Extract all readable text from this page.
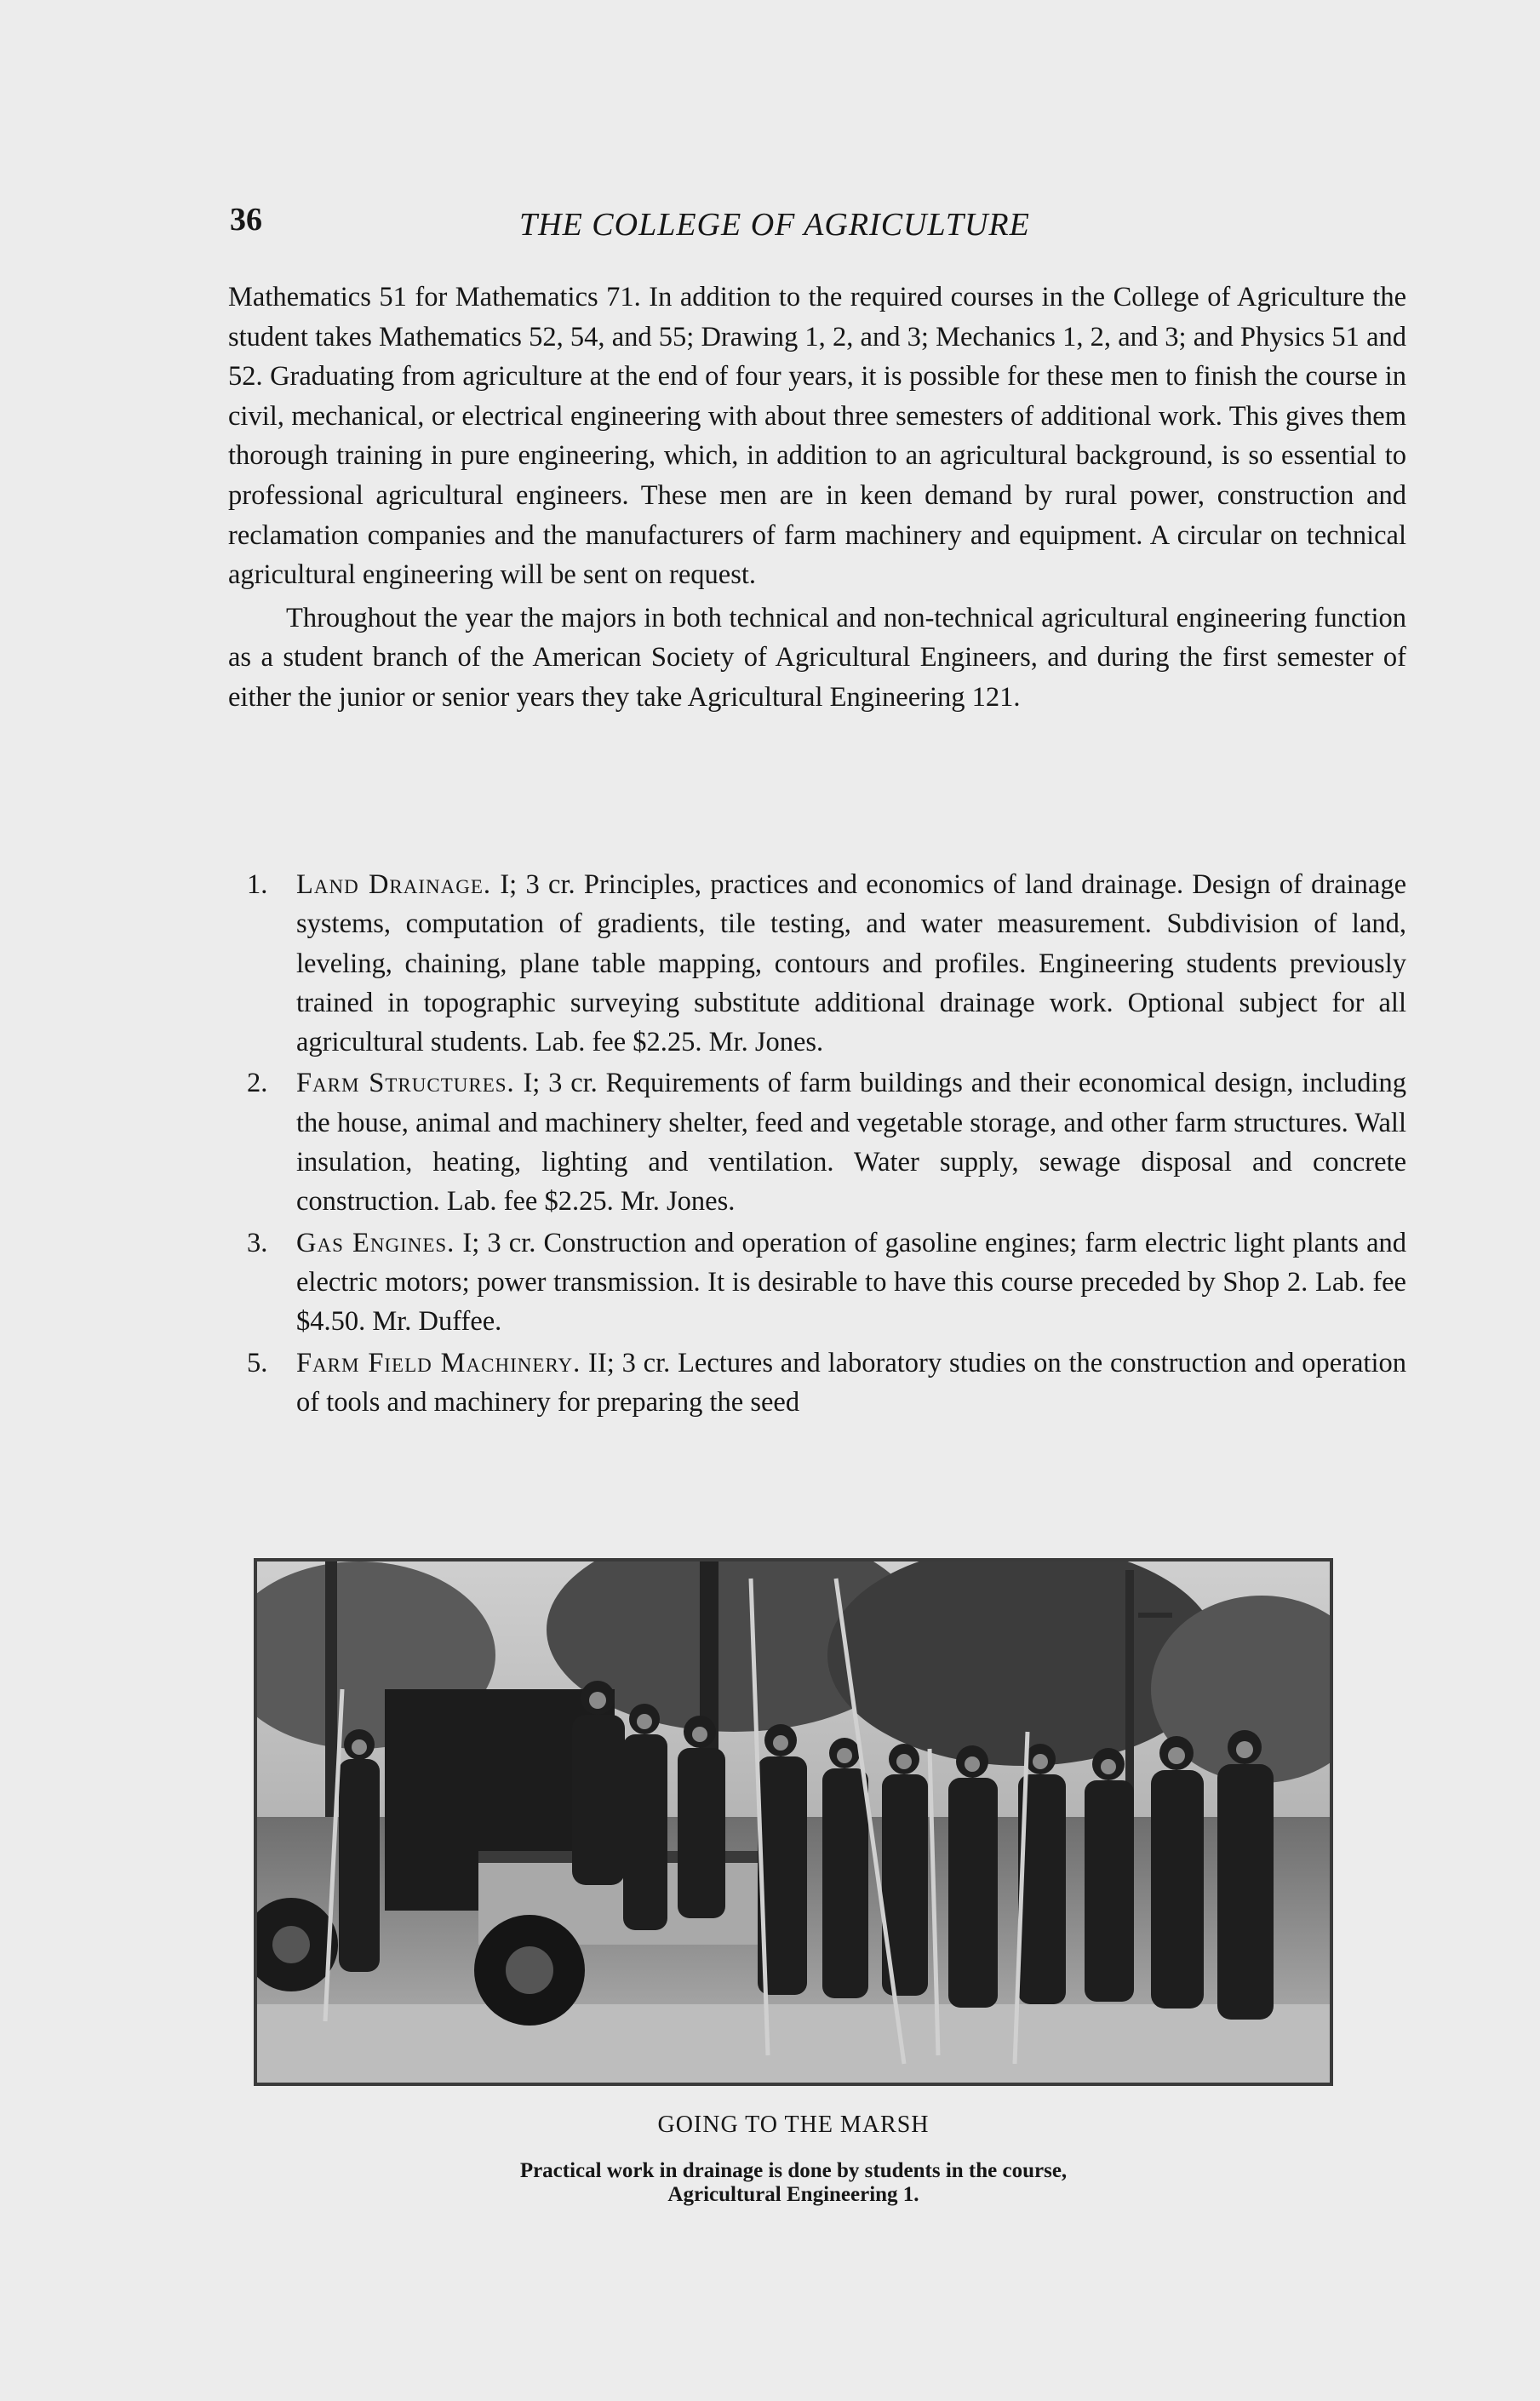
36	THE COLLEGE OF AGRICULTURE

Mathematics 51 for Mathematics 71. In addition to the required courses in the College of Agriculture the student takes Mathematics 52, 54, and 55; Drawing 1, 2, and 3; Mechanics 1, 2, and 3; and Physics 51 and 52. Graduating from agriculture at the end of four years, it is possible for these men to finish the course in civil, mechanical, or electrical engineering with about three semesters of additional work. This gives them thorough training in pure engineering, which, in addition to an agricultural background, is so essential to professional agricultural engineers. These men are in keen demand by rural power, construction and reclamation companies and the manufacturers of farm machinery and equipment. A circular on technical agricultural engineering will be sent on request.

Throughout the year the majors in both technical and non-technical agricultural engineering function as a student branch of the American Society of Agricultural Engineers, and during the first semester of either the junior or senior years they take Agricultural Engineering 121.

1. Land Drainage. I; 3 cr. Principles, practices and economics of land drainage. Design of drainage systems, computation of gradients, tile testing, and water measurement. Subdivision of land, leveling, chaining, plane table mapping, contours and profiles. Engineering students previously trained in topographic surveying substitute additional drainage work. Optional subject for all agricultural students. Lab. fee $2.25. Mr. Jones.
2. Farm Structures. I; 3 cr. Requirements of farm buildings and their economical design, including the house, animal and machinery shelter, feed and vegetable storage, and other farm structures. Wall insulation, heating, lighting and ventilation. Water supply, sewage disposal and concrete construction. Lab. fee $2.25. Mr. Jones.
3. Gas Engines. I; 3 cr. Construction and operation of gasoline engines; farm electric light plants and electric motors; power transmission. It is desirable to have this course preceded by Shop 2. Lab. fee $4.50. Mr. Duffee.
5. Farm Field Machinery. II; 3 cr. Lectures and laboratory studies on the construction and operation of tools and machinery for preparing the seed
GOING TO THE MARSH
Practical work in drainage is done by students in the course,
Agricultural Engineering 1.
